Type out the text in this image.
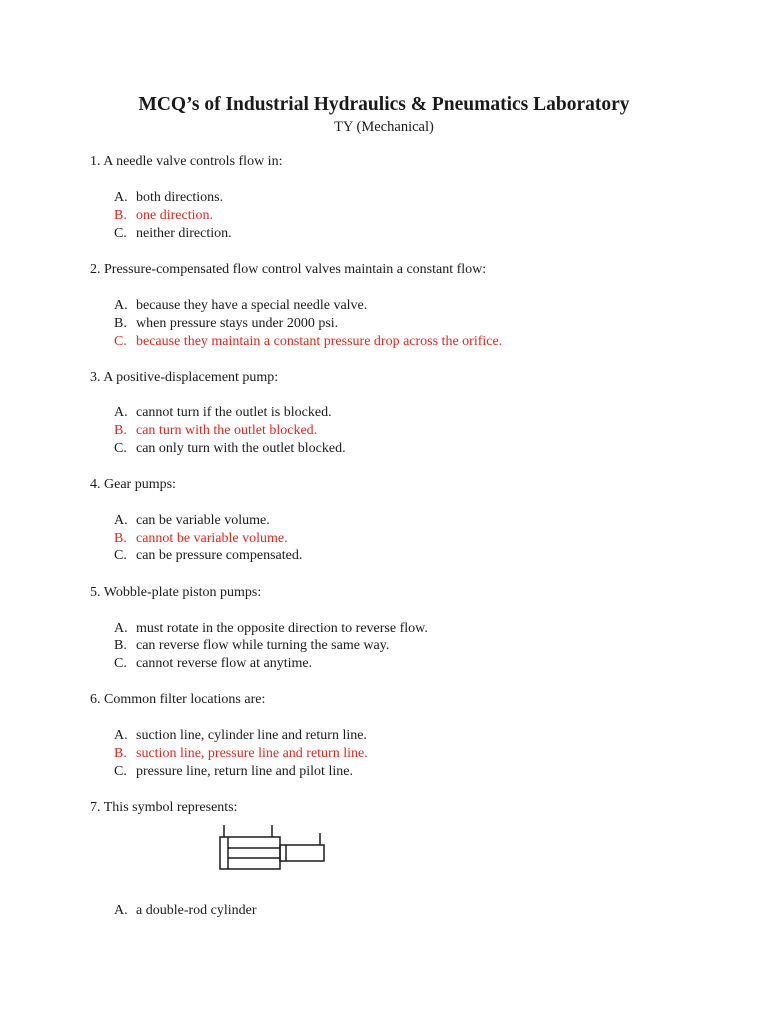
MCQ’s of Industrial Hydraulics & Pneumatics Laboratory
TY (Mechanical)
1. A needle valve controls flow in:
A. both directions.
B. one direction.
C. neither direction.
2. Pressure-compensated flow control valves maintain a constant flow:
A. because they have a special needle valve.
B. when pressure stays under 2000 psi.
C. because they maintain a constant pressure drop across the orifice.
3. A positive-displacement pump:
A. cannot turn if the outlet is blocked.
B. can turn with the outlet blocked.
C. can only turn with the outlet blocked.
4. Gear pumps:
A. can be variable volume.
B. cannot be variable volume.
C. can be pressure compensated.
5. Wobble-plate piston pumps:
A. must rotate in the opposite direction to reverse flow.
B. can reverse flow while turning the same way.
C. cannot reverse flow at anytime.
6. Common filter locations are:
A. suction line, cylinder line and return line.
B. suction line, pressure line and return line.
C. pressure line, return line and pilot line.
7. This symbol represents:
A. a double-rod cylinder
